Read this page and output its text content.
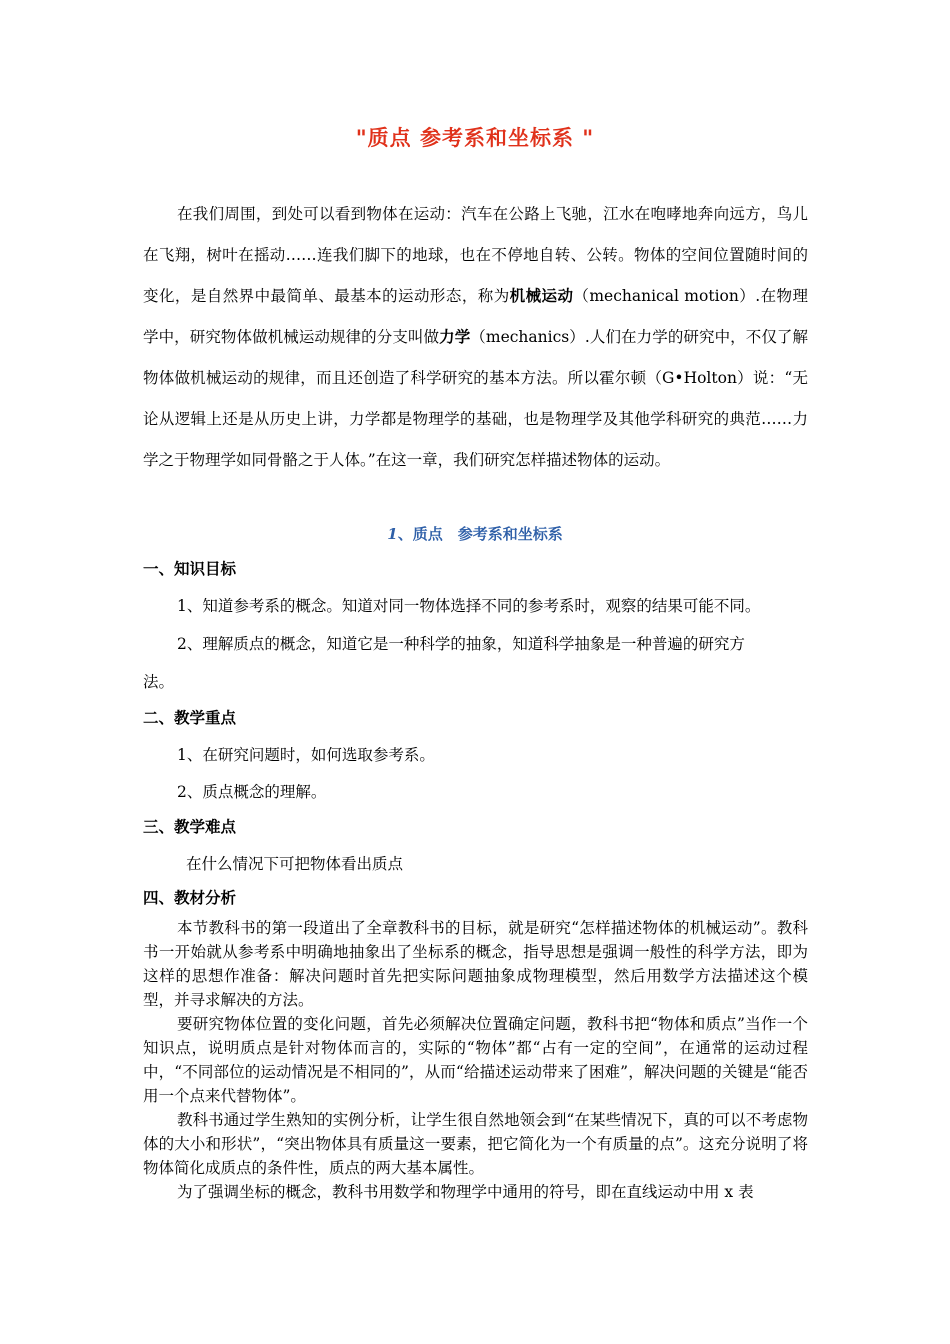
"质点 参考系和坐标系 "

在我们周围，到处可以看到物体在运动：汽车在公路上飞驰，江水在咆哮地奔向远方，鸟儿在飞翔，树叶在摇动……连我们脚下的地球，也在不停地自转、公转。物体的空间位置随时间的变化，是自然界中最简单、最基本的运动形态，称为机械运动（mechanical motion）.在物理学中，研究物体做机械运动规律的分支叫做力学（mechanics）.人们在力学的研究中，不仅了解物体做机械运动的规律，而且还创造了科学研究的基本方法。所以霍尔顿（G•Holton）说：“无论从逻辑上还是从历史上讲，力学都是物理学的基础，也是物理学及其他学科研究的典范……力学之于物理学如同骨骼之于人体。”在这一章，我们研究怎样描述物体的运动。

1、质点　参考系和坐标系
一、知识目标
1、知道参考系的概念。知道对同一物体选择不同的参考系时，观察的结果可能不同。
2、理解质点的概念，知道它是一种科学的抽象，知道科学抽象是一种普遍的研究方
法。
二、教学重点
1、在研究问题时，如何选取参考系。
2、质点概念的理解。
三、教学难点
在什么情况下可把物体看出质点
四、教材分析

本节教科书的第一段道出了全章教科书的目标，就是研究“怎样描述物体的机械运动”。教科书一开始就从参考系中明确地抽象出了坐标系的概念，指导思想是强调一般性的科学方法，即为这样的思想作准备：解决问题时首先把实际问题抽象成物理模型，然后用数学方法描述这个模型，并寻求解决的方法。

要研究物体位置的变化问题，首先必须解决位置确定问题，教科书把“物体和质点”当作一个知识点，说明质点是针对物体而言的，实际的“物体”都“占有一定的空间”，在通常的运动过程中，“不同部位的运动情况是不相同的”，从而“给描述运动带来了困难”，解决问题的关键是“能否用一个点来代替物体”。

教科书通过学生熟知的实例分析，让学生很自然地领会到“在某些情况下，真的可以不考虑物体的大小和形状”，“突出物体具有质量这一要素，把它简化为一个有质量的点”。这充分说明了将物体简化成质点的条件性，质点的两大基本属性。

为了强调坐标的概念，教科书用数学和物理学中通用的符号，即在直线运动中用 x 表
